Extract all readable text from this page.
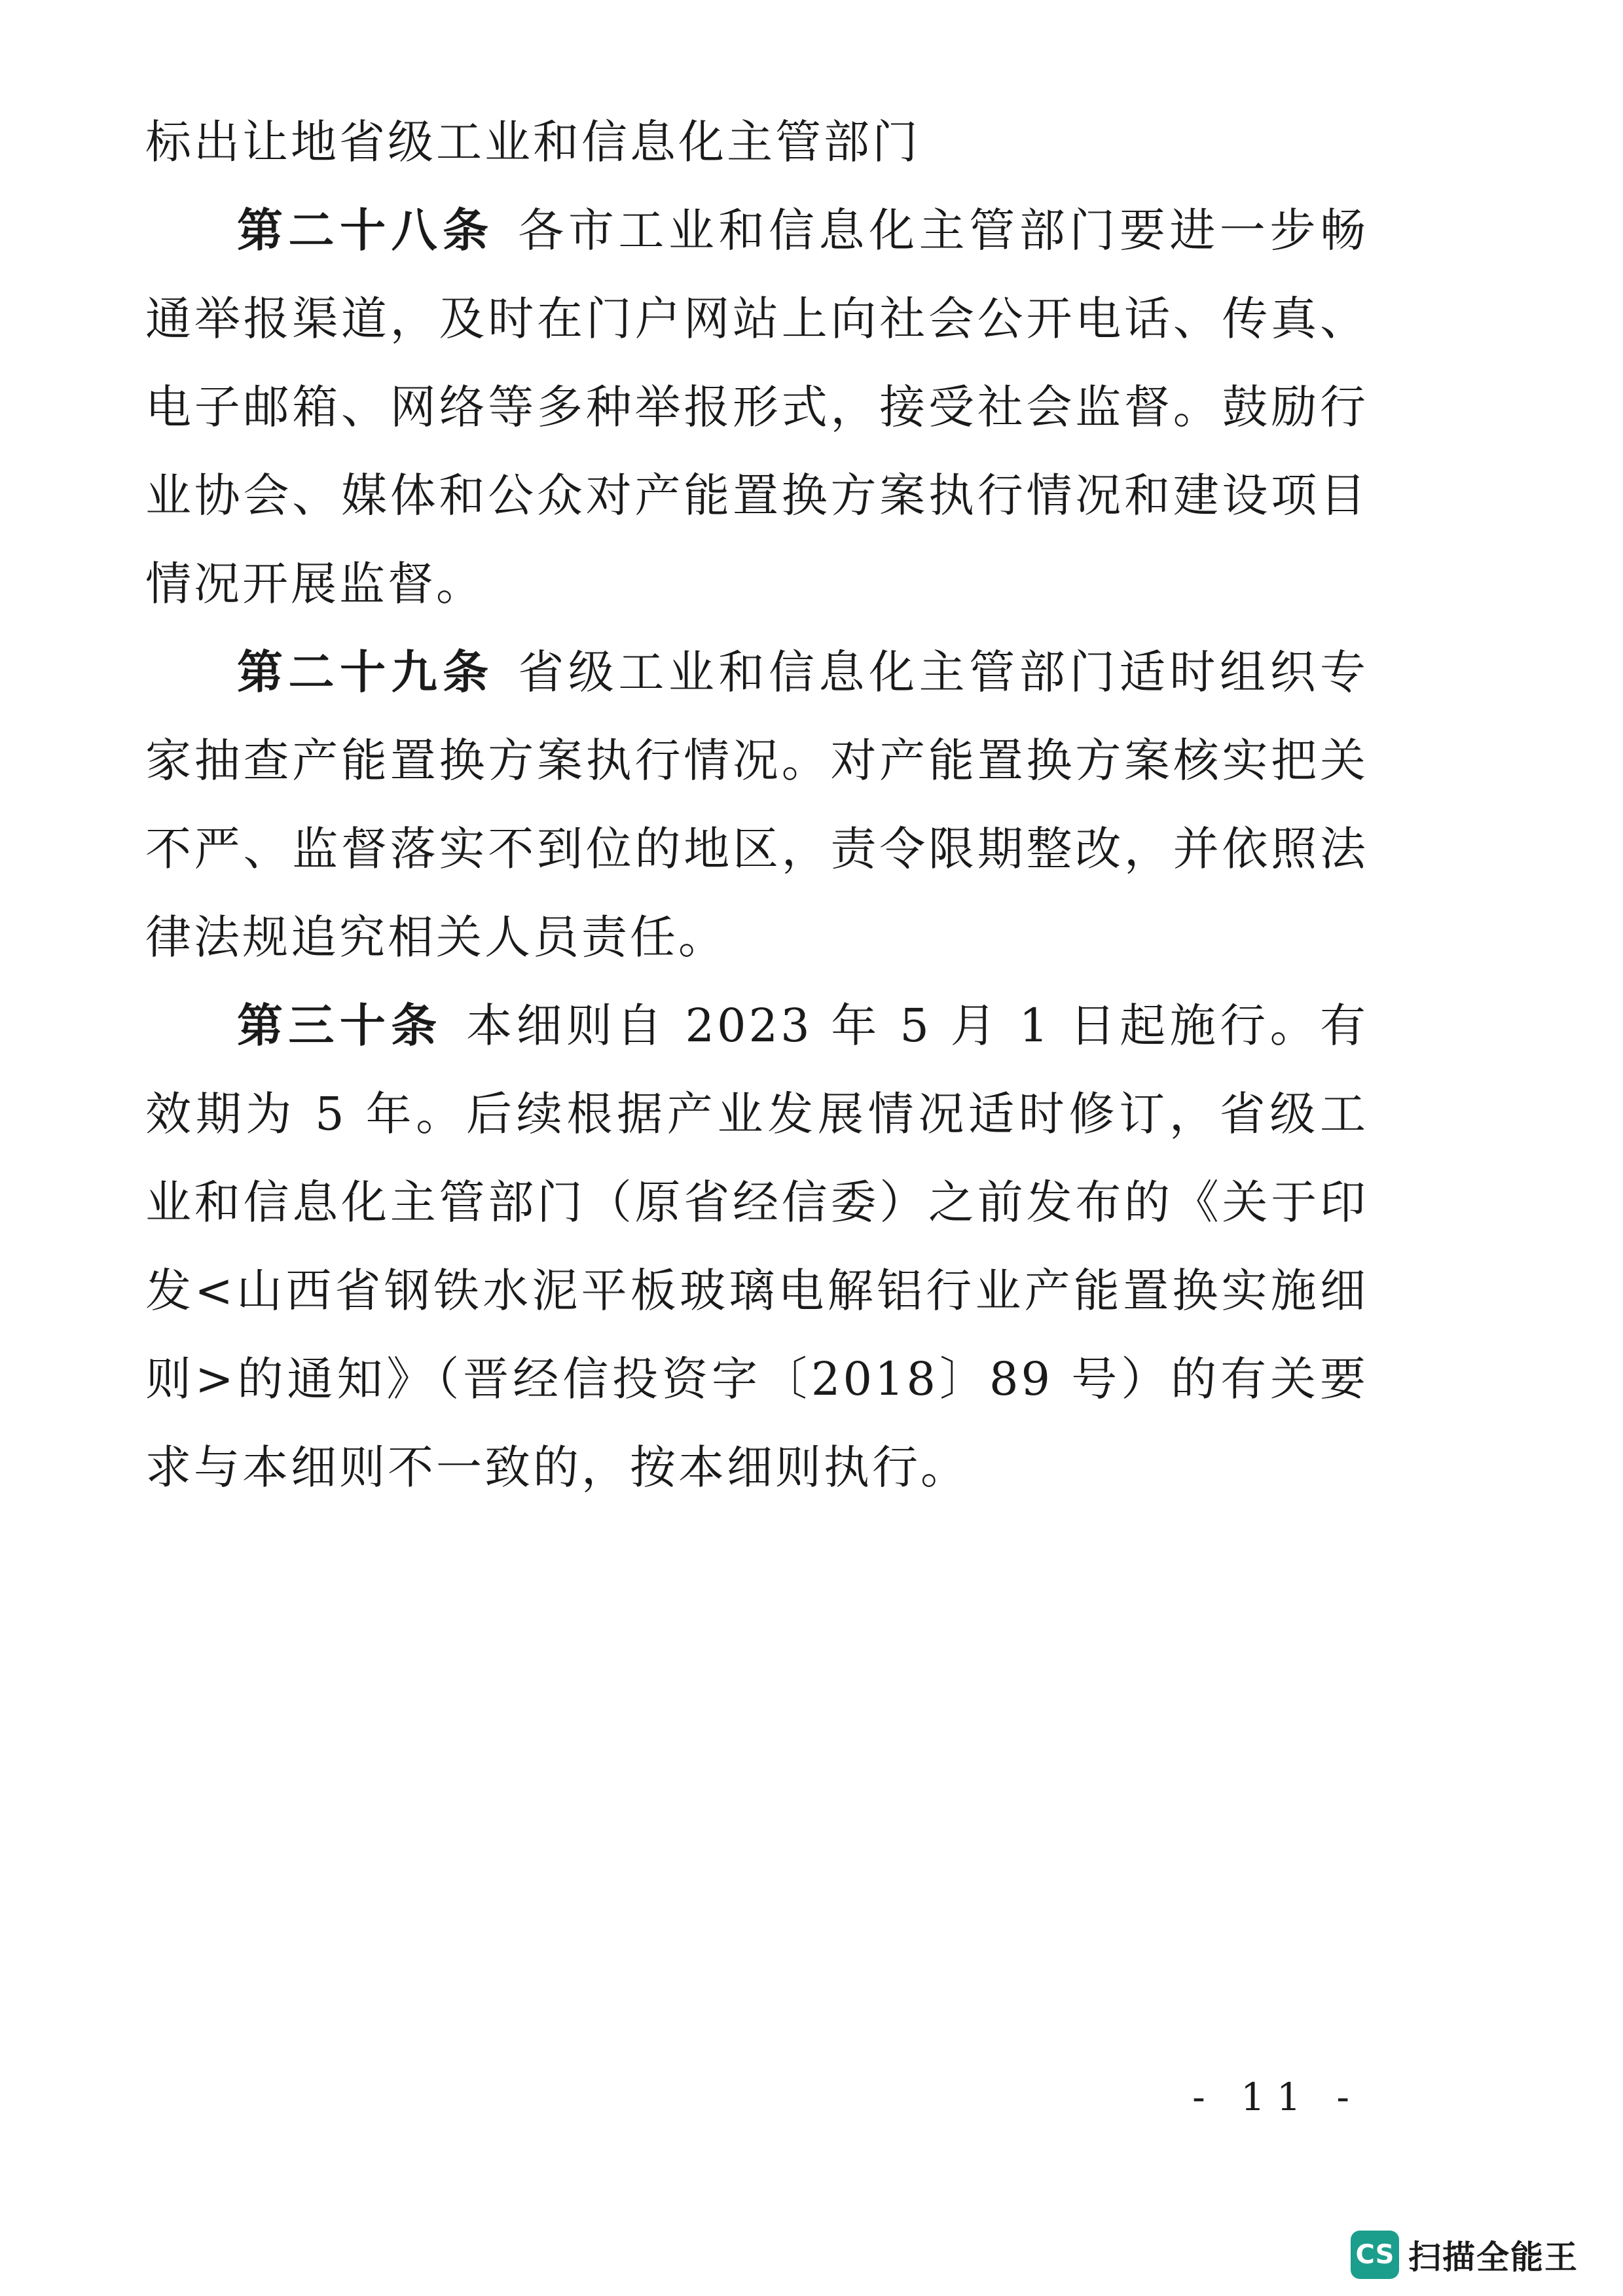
标出让地省级工业和信息化主管部门

第二十八条 各市工业和信息化主管部门要进一步畅通举报渠道，及时在门户网站上向社会公开电话、传真、电子邮箱、网络等多种举报形式，接受社会监督。鼓励行业协会、媒体和公众对产能置换方案执行情况和建设项目情况开展监督。

第二十九条 省级工业和信息化主管部门适时组织专家抽查产能置换方案执行情况。对产能置换方案核实把关不严、监督落实不到位的地区，责令限期整改，并依照法律法规追究相关人员责任。

第三十条 本细则自 2023 年 5 月 1 日起施行。有效期为 5 年。后续根据产业发展情况适时修订，省级工业和信息化主管部门（原省经信委）之前发布的《关于印发<山西省钢铁水泥平板玻璃电解铝行业产能置换实施细则>的通知》（晋经信投资字〔2018〕89 号）的有关要求与本细则不一致的，按本细则执行。

- 11 -
CS 扫描全能王
